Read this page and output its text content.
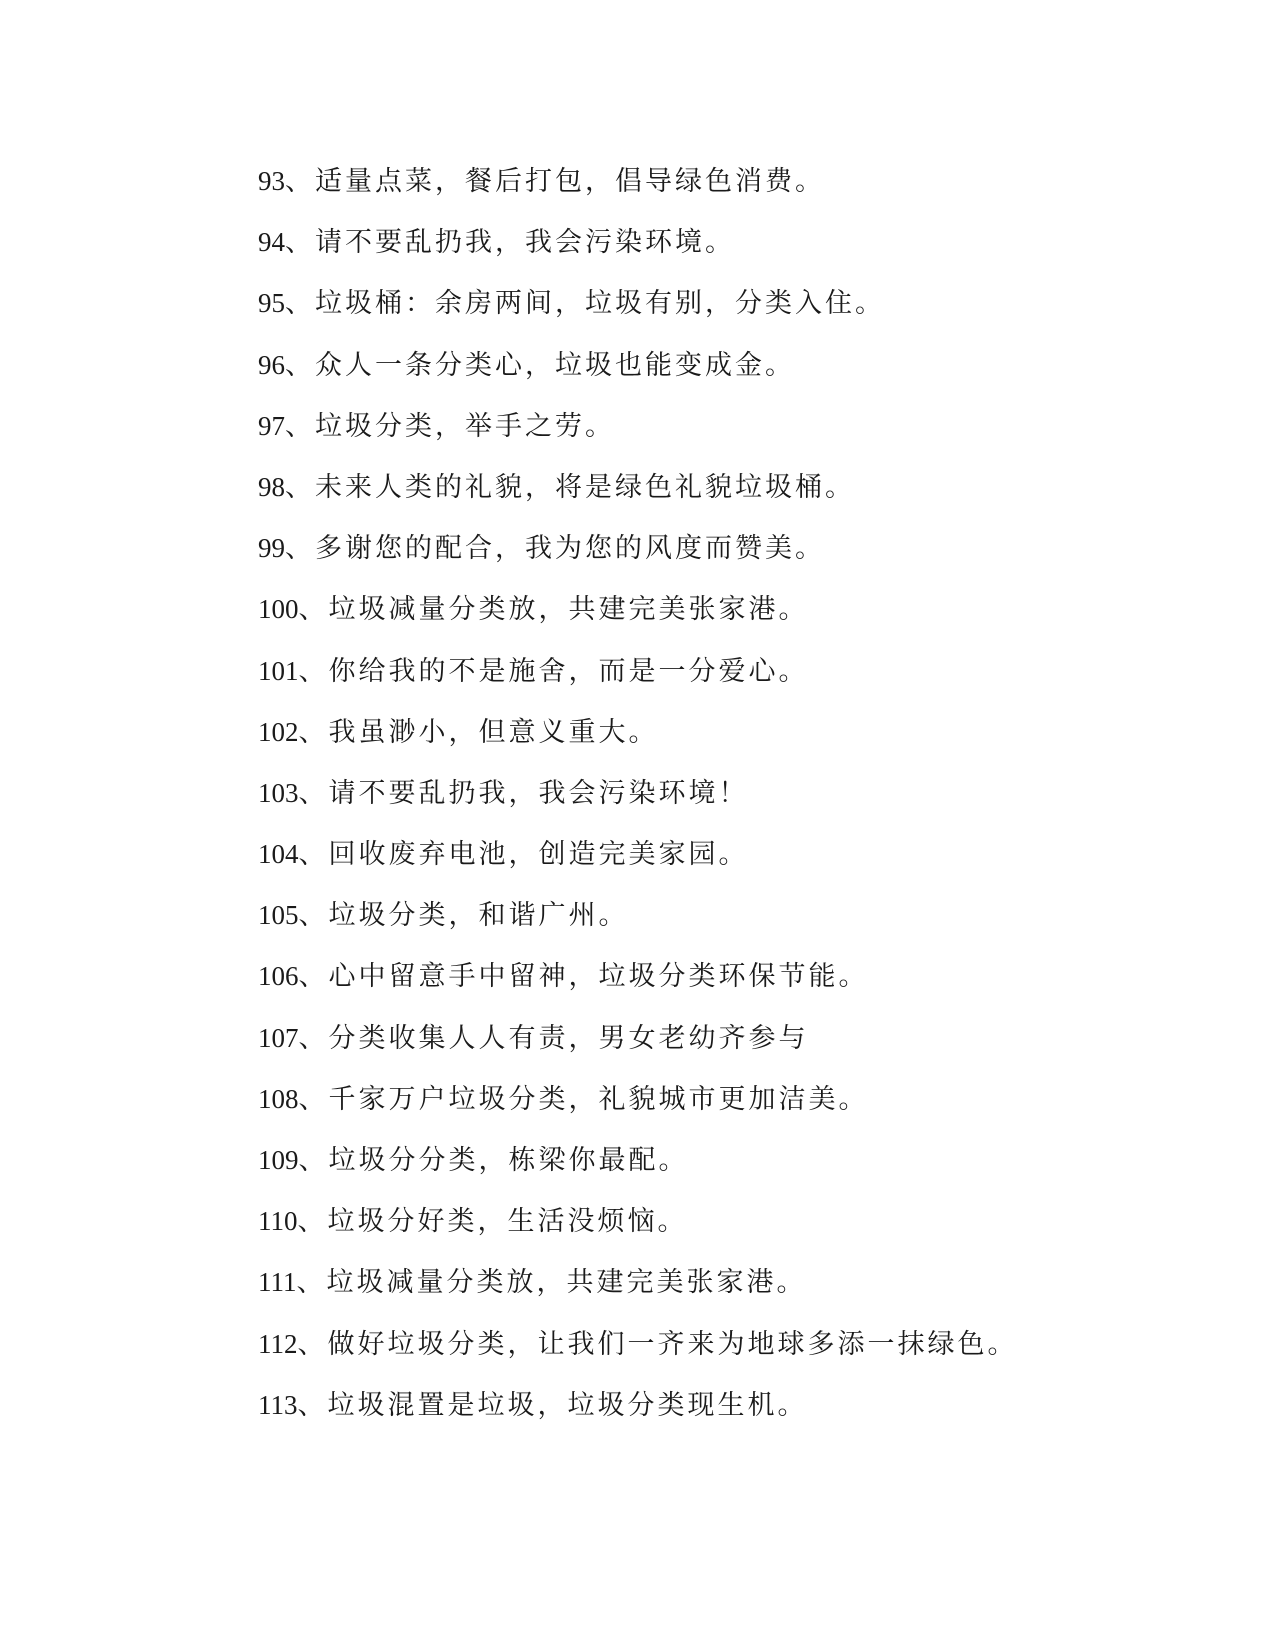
93、适量点菜，餐后打包，倡导绿色消费。
94、请不要乱扔我，我会污染环境。
95、垃圾桶：余房两间，垃圾有别，分类入住。
96、众人一条分类心，垃圾也能变成金。
97、垃圾分类，举手之劳。
98、未来人类的礼貌，将是绿色礼貌垃圾桶。
99、多谢您的配合，我为您的风度而赞美。
100、垃圾减量分类放，共建完美张家港。
101、你给我的不是施舍，而是一分爱心。
102、我虽渺小，但意义重大。
103、请不要乱扔我，我会污染环境！
104、回收废弃电池，创造完美家园。
105、垃圾分类，和谐广州。
106、心中留意手中留神，垃圾分类环保节能。
107、分类收集人人有责，男女老幼齐参与
108、千家万户垃圾分类，礼貌城市更加洁美。
109、垃圾分分类，栋梁你最配。
110、垃圾分好类，生活没烦恼。
111、垃圾减量分类放，共建完美张家港。
112、做好垃圾分类，让我们一齐来为地球多添一抹绿色。
113、垃圾混置是垃圾，垃圾分类现生机。
